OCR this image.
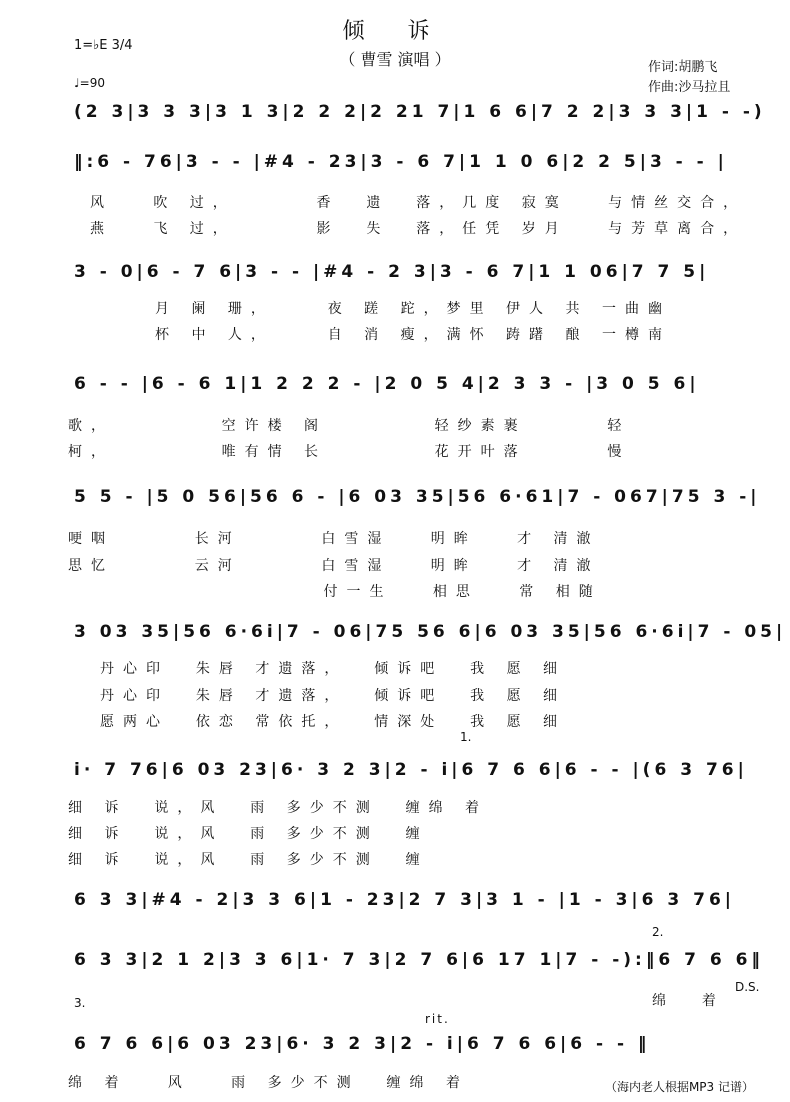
倾 诉
（ 曹雪 演唱 ）
1=♭E 3/4
♩=90
作词:胡鹏飞
作曲:沙马拉且
(2 3|3 3 3|3 1 3|2 2 2|2 21 7|1 6 6|7 2 2|3 3 3|1 - -)
‖:6 - 76|3 - - |#4 - 23|3 - 6 7|1 1 0 6|2 2 5|3 - - |
风   吹 过，      香  遗  落，几度 寂寞   与情丝交合，
燕   飞 过，      影  失  落，任凭 岁月   与芳草离合，
3 - 0|6 - 7 6|3 - - |#4 - 2 3|3 - 6 7|1 1 06|7 7 5|
月 阑 珊，    夜 蹉 跎，梦里 伊人 共 一曲幽
杯 中 人，    自 消 瘦，满怀 踌躇 酿 一樽南
6 - - |6 - 6 1|1 2 2 2 - |2 0 5 4|2 3 3 - |3 0 5 6|
歌，        空许楼 阁        轻纱素裹      轻
柯，        唯有情 长        花开叶落      慢
5 5 - |5 0 56|56 6 - |6 03 35|56 6·61|7 - 067|75 3 -|
哽咽      长河      白雪湿   明眸   才 清澈
思忆      云河      白雪湿   明眸   才 清澈
付一生   相思   常 相随
3 03 35|56 6·6i|7 - 06|75 56 6|6 03 35|56 6·6i|7 - 05|
丹心印  朱唇 才遗落，  倾诉吧  我 愿 细
丹心印  朱唇 才遗落，  倾诉吧  我 愿 细
愿两心  依恋 常依托，  情深处  我 愿 细
1.
i· 7 76|6 03 23|6· 3 2 3|2 - i|6 7 6 6|6 - - |(6 3 76|
细 诉  说，风  雨 多少不测  缠绵 着
细 诉  说，风  雨 多少不测  缠
细 诉  说，风  雨 多少不测  缠
6 3 3|#4 - 2|3 3 6|1 - 23|2 7 3|3 1 - |1 - 3|6 3 76|
2.
6 3 3|2 1 2|3 3 6|1· 7 3|2 7 6|6 17 1|7 - -):‖6 7 6 6‖
绵  着
D.S.
3.
rit.
6 7 6 6|6 03 23|6· 3 2 3|2 - i|6 7 6 6|6 - - ‖
绵 着   风   雨 多少不测  缠绵 着	（海内老人根据MP3 记谱）
